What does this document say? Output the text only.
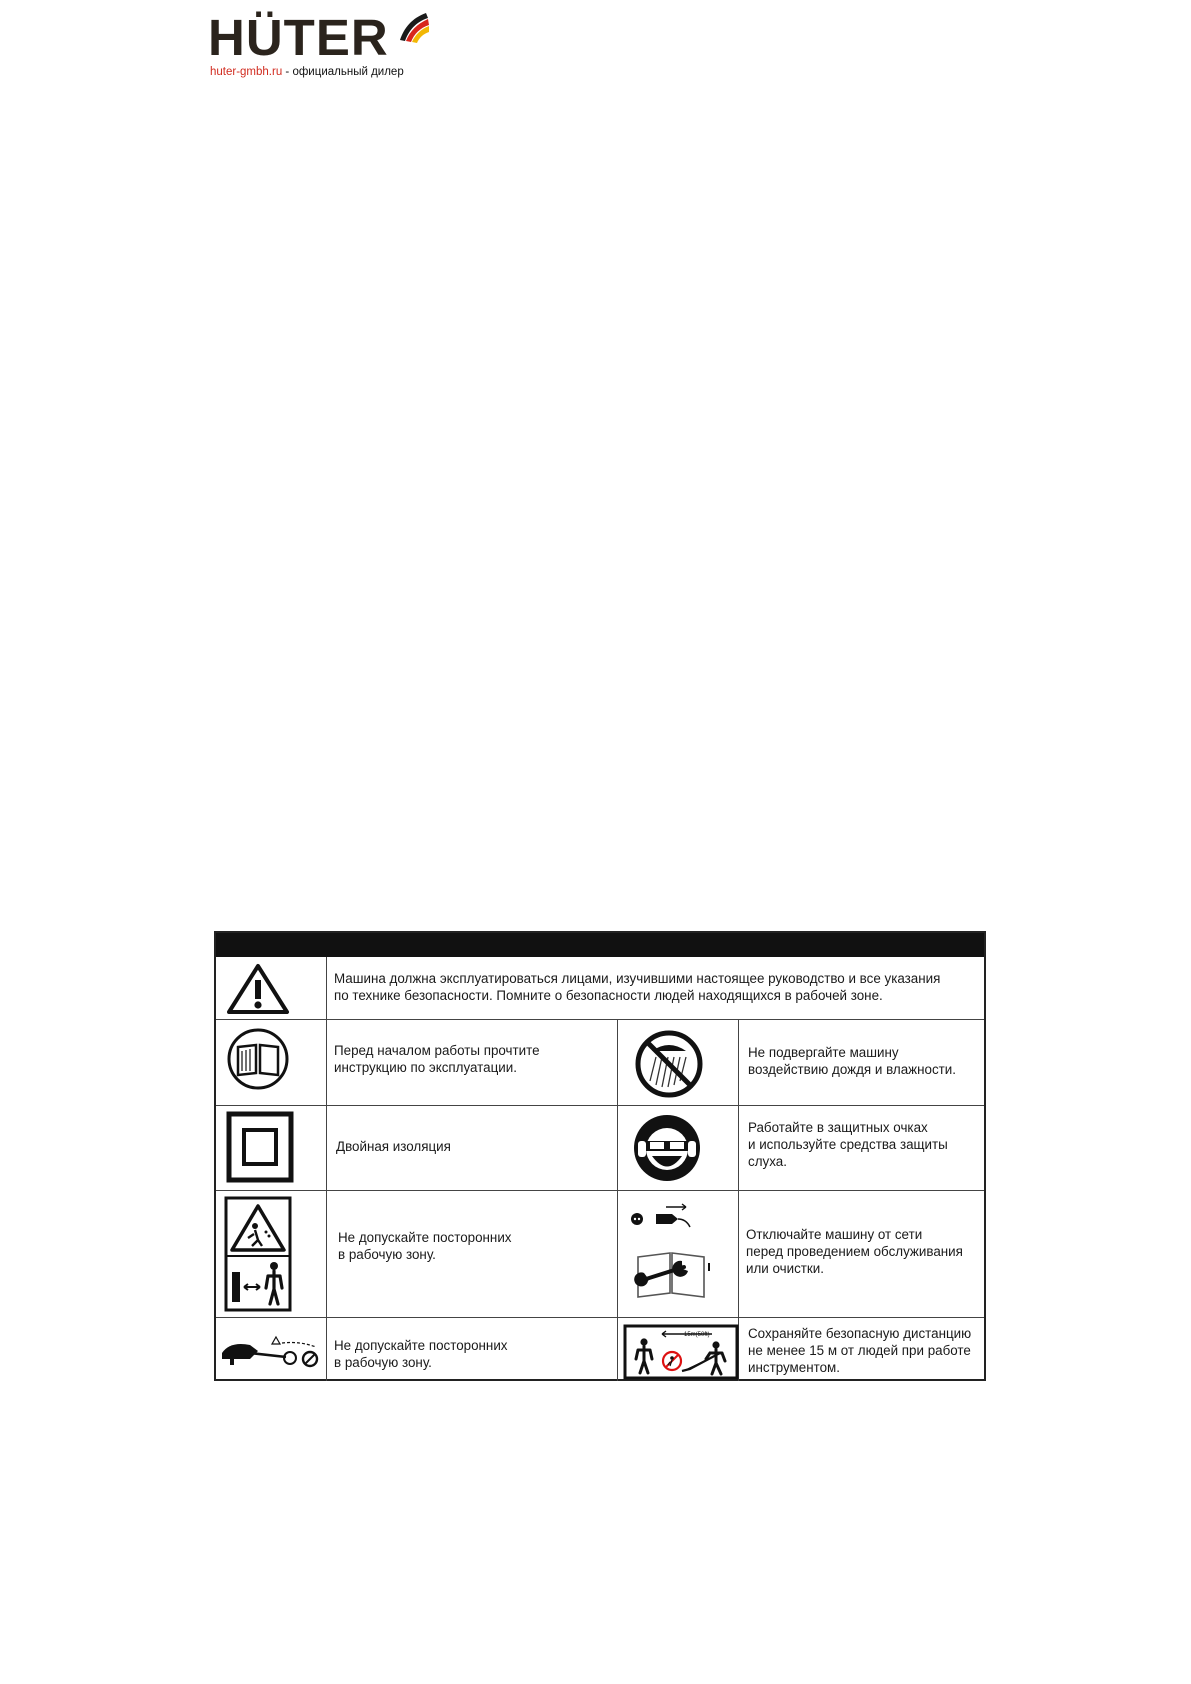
HÜTER
huter-gmbh.ru - официальный дилер
Машина должна эксплуатироваться лицами, изучившими настоящее руководство и все указания
по технике безопасности. Помните о безопасности людей находящихся в рабочей зоне.
Перед началом работы прочтите
инструкцию по эксплуатации.
Не подвергайте машину
воздействию дождя и влажности.
Двойная изоляция
Работайте в защитных очках
и используйте средства защиты
слуха.
Не допускайте посторонних
в рабочую зону.
Отключайте машину от сети
перед проведением обслуживания
или очистки.
Не допускайте посторонних
в рабочую зону.
15m(50ft)	Сохраняйте безопасную дистанцию
не менее 15 м от людей при работе
инструментом.
